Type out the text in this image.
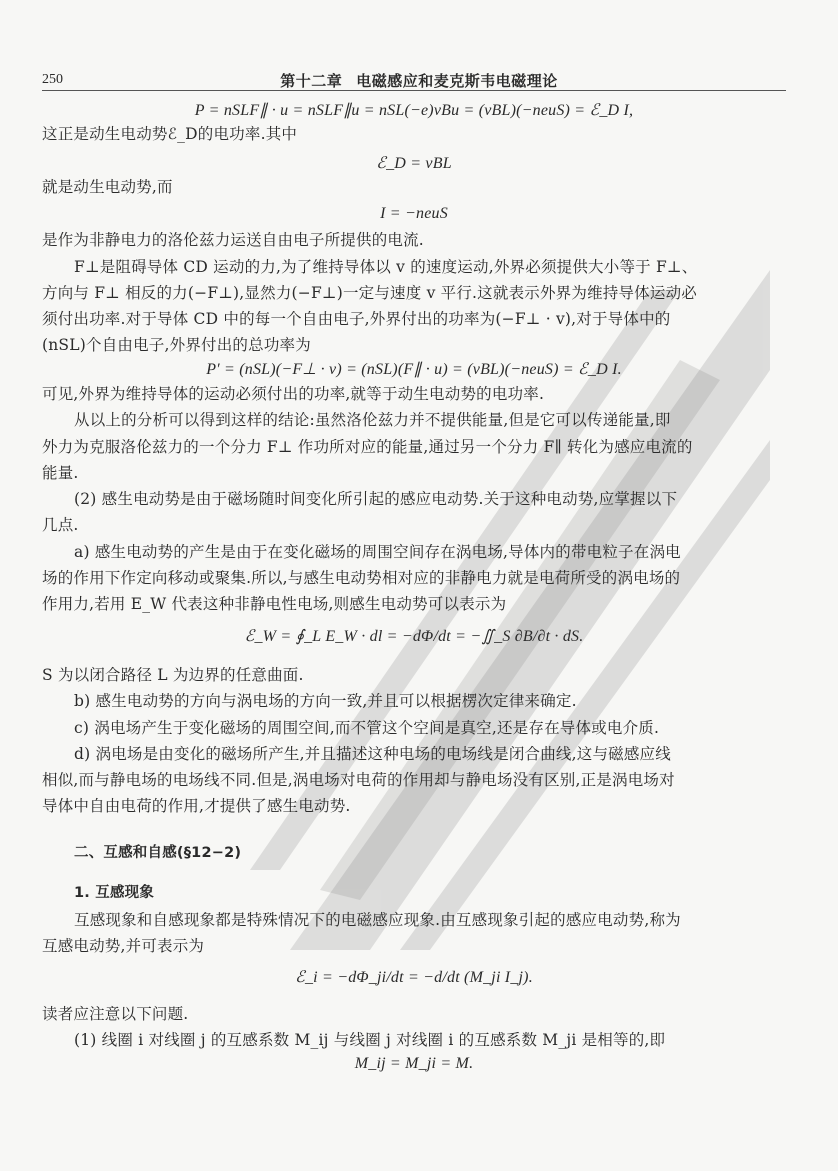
250	第十二章 电磁感应和麦克斯韦电磁理论
P = nSLF∥ · u = nSLF∥u = nSL(−e)vBu = (vBL)(−neuS) = ℰ_D I,
这正是动生电动势ℰ_D的电功率.其中
ℰ_D = vBL
就是动生电动势,而
I = −neuS
是作为非静电力的洛伦兹力运送自由电子所提供的电流.
F⊥是阻碍导体 CD 运动的力,为了维持导体以 v 的速度运动,外界必须提供大小等于 F⊥、
方向与 F⊥ 相反的力(−F⊥),显然力(−F⊥)一定与速度 v 平行.这就表示外界为维持导体运动必
须付出功率.对于导体 CD 中的每一个自由电子,外界付出的功率为(−F⊥ · v),对于导体中的
(nSL)个自由电子,外界付出的总功率为
P′ = (nSL)(−F⊥ · v) = (nSL)(F∥ · u) = (vBL)(−neuS) = ℰ_D I.
可见,外界为维持导体的运动必须付出的功率,就等于动生电动势的电功率.
从以上的分析可以得到这样的结论:虽然洛伦兹力并不提供能量,但是它可以传递能量,即
外力为克服洛伦兹力的一个分力 F⊥ 作功所对应的能量,通过另一个分力 F∥ 转化为感应电流的
能量.
(2) 感生电动势是由于磁场随时间变化所引起的感应电动势.关于这种电动势,应掌握以下
几点.
a) 感生电动势的产生是由于在变化磁场的周围空间存在涡电场,导体内的带电粒子在涡电
场的作用下作定向移动或聚集.所以,与感生电动势相对应的非静电力就是电荷所受的涡电场的
作用力,若用 E_W 代表这种非静电性电场,则感生电动势可以表示为
ℰ_W = ∮_L E_W · dl = −dΦ/dt = −∬_S ∂B/∂t · dS.
S 为以闭合路径 L 为边界的任意曲面.
b) 感生电动势的方向与涡电场的方向一致,并且可以根据楞次定律来确定.
c) 涡电场产生于变化磁场的周围空间,而不管这个空间是真空,还是存在导体或电介质.
d) 涡电场是由变化的磁场所产生,并且描述这种电场的电场线是闭合曲线,这与磁感应线
相似,而与静电场的电场线不同.但是,涡电场对电荷的作用却与静电场没有区别,正是涡电场对
导体中自由电荷的作用,才提供了感生电动势.
二、互感和自感(§12−2)
1. 互感现象
互感现象和自感现象都是特殊情况下的电磁感应现象.由互感现象引起的感应电动势,称为
互感电动势,并可表示为
ℰ_i = −dΦ_ji/dt = −d/dt (M_ji I_j).
读者应注意以下问题.
(1) 线圈 i 对线圈 j 的互感系数 M_ij 与线圈 j 对线圈 i 的互感系数 M_ji 是相等的,即
M_ij = M_ji = M.
